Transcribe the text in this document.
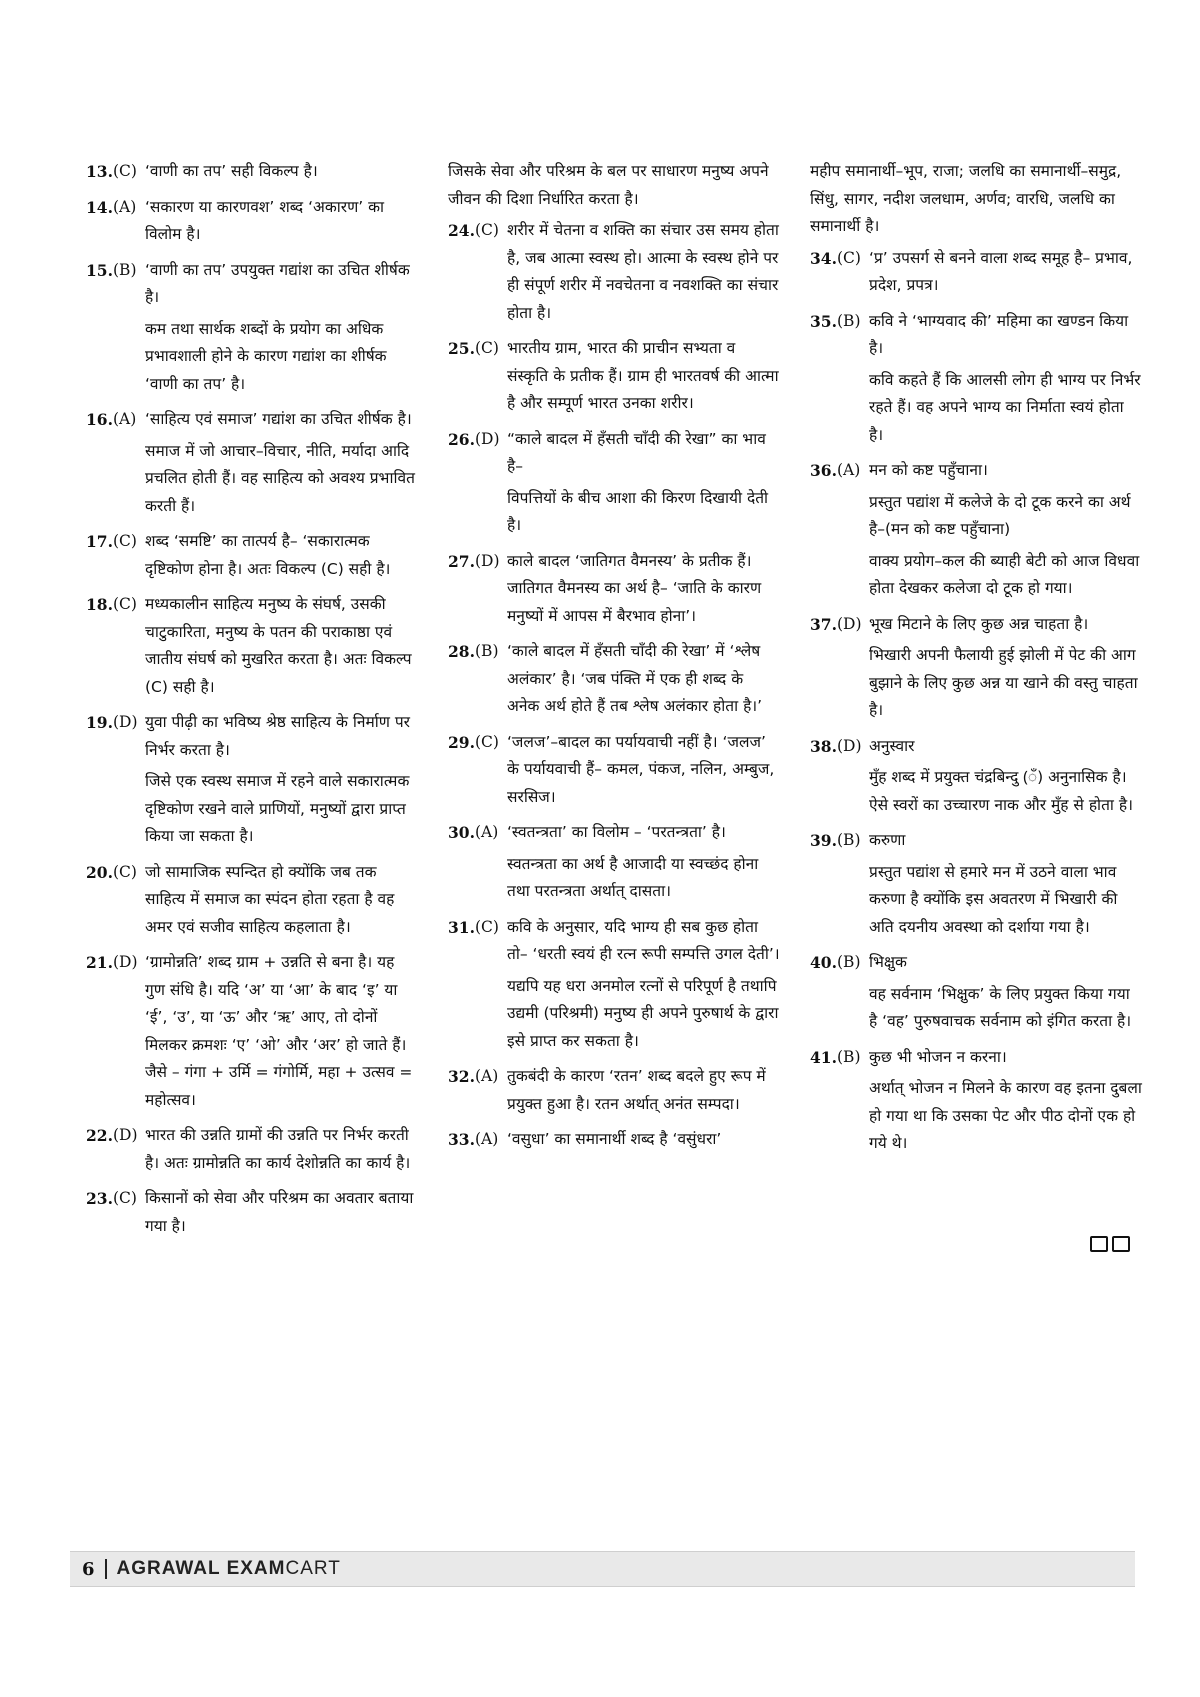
13. (C) ‘वाणी का तप’ सही विकल्प है।
14. (A) ‘सकारण या कारणवश’ शब्द ‘अकारण’ का विलोम है।
15. (B) ‘वाणी का तप’ उपयुक्त गद्यांश का उचित शीर्षक है।
कम तथा सार्थक शब्दों के प्रयोग का अधिक प्रभावशाली होने के कारण गद्यांश का शीर्षक ‘वाणी का तप’ है।
16. (A) ‘साहित्य एवं समाज’ गद्यांश का उचित शीर्षक है।
समाज में जो आचार–विचार, नीति, मर्यादा आदि प्रचलित होती हैं। वह साहित्य को अवश्य प्रभावित करती हैं।
17. (C) शब्द ‘समष्टि’ का तात्पर्य है– ‘सकारात्मक दृष्टिकोण होना है। अतः विकल्प (C) सही है।
18. (C) मध्यकालीन साहित्य मनुष्य के संघर्ष, उसकी चाटुकारिता, मनुष्य के पतन की पराकाष्ठा एवं जातीय संघर्ष को मुखरित करता है। अतः विकल्प (C) सही है।
19. (D) युवा पीढ़ी का भविष्य श्रेष्ठ साहित्य के निर्माण पर निर्भर करता है।
जिसे एक स्वस्थ समाज में रहने वाले सकारात्मक दृष्टिकोण रखने वाले प्राणियों, मनुष्यों द्वारा प्राप्त किया जा सकता है।
20. (C) जो सामाजिक स्पन्दित हो क्योंकि जब तक साहित्य में समाज का स्पंदन होता रहता है वह अमर एवं सजीव साहित्य कहलाता है।
21. (D) ‘ग्रामोन्नति’ शब्द ग्राम + उन्नति से बना है। यह गुण संधि है। यदि ‘अ’ या ‘आ’ के बाद ‘इ’ या ‘ई’, ‘उ’, या ‘ऊ’ और ‘ऋ’ आए, तो दोनों मिलकर क्रमशः ‘ए’ ‘ओ’ और ‘अर’ हो जाते हैं। जैसे – गंगा + उर्मि = गंगोर्मि, महा + उत्सव = महोत्सव।
22. (D) भारत की उन्नति ग्रामों की उन्नति पर निर्भर करती है। अतः ग्रामोन्नति का कार्य देशोन्नति का कार्य है।
23. (C) किसानों को सेवा और परिश्रम का अवतार बताया गया है।
जिसके सेवा और परिश्रम के बल पर साधारण मनुष्य अपने जीवन की दिशा निर्धारित करता है।
24. (C) शरीर में चेतना व शक्ति का संचार उस समय होता है, जब आत्मा स्वस्थ हो। आत्मा के स्वस्थ होने पर ही संपूर्ण शरीर में नवचेतना व नवशक्ति का संचार होता है।
25. (C) भारतीय ग्राम, भारत की प्राचीन सभ्यता व संस्कृति के प्रतीक हैं। ग्राम ही भारतवर्ष की आत्मा है और सम्पूर्ण भारत उनका शरीर।
26. (D) “काले बादल में हँसती चाँदी की रेखा” का भाव है–
विपत्तियों के बीच आशा की किरण दिखायी देती है।
27. (D) काले बादल ‘जातिगत वैमनस्य’ के प्रतीक हैं। जातिगत वैमनस्य का अर्थ है– ‘जाति के कारण मनुष्यों में आपस में बैरभाव होना’।
28. (B) ‘काले बादल में हँसती चाँदी की रेखा’ में ‘श्लेष अलंकार’ है। ‘जब पंक्ति में एक ही शब्द के अनेक अर्थ होते हैं तब श्लेष अलंकार होता है।’
29. (C) ‘जलज’–बादल का पर्यायवाची नहीं है। ‘जलज’ के पर्यायवाची हैं– कमल, पंकज, नलिन, अम्बुज, सरसिज।
30. (A) ‘स्वतन्त्रता’ का विलोम – ‘परतन्त्रता’ है।
स्वतन्त्रता का अर्थ है आजादी या स्वच्छंद होना तथा परतन्त्रता अर्थात् दासता।
31. (C) कवि के अनुसार, यदि भाग्य ही सब कुछ होता तो– ‘धरती स्वयं ही रत्न रूपी सम्पत्ति उगल देती’।
यद्यपि यह धरा अनमोल रत्नों से परिपूर्ण है तथापि उद्यमी (परिश्रमी) मनुष्य ही अपने पुरुषार्थ के द्वारा इसे प्राप्त कर सकता है।
32. (A) तुकबंदी के कारण ‘रतन’ शब्द बदले हुए रूप में प्रयुक्त हुआ है। रतन अर्थात् अनंत सम्पदा।
33. (A) ‘वसुधा’ का समानार्थी शब्द है ‘वसुंधरा’
महीप समानार्थी–भूप, राजा; जलधि का समानार्थी–समुद्र, सिंधु, सागर, नदीश जलधाम, अर्णव; वारधि, जलधि का समानार्थी है।
34. (C) ‘प्र’ उपसर्ग से बनने वाला शब्द समूह है– प्रभाव, प्रदेश, प्रपत्र।
35. (B) कवि ने ‘भाग्यवाद की’ महिमा का खण्डन किया है।
कवि कहते हैं कि आलसी लोग ही भाग्य पर निर्भर रहते हैं। वह अपने भाग्य का निर्माता स्वयं होता है।
36. (A) मन को कष्ट पहुँचाना।
प्रस्तुत पद्यांश में कलेजे के दो टूक करने का अर्थ है–(मन को कष्ट पहुँचाना)
वाक्य प्रयोग–कल की ब्याही बेटी को आज विधवा होता देखकर कलेजा दो टूक हो गया।
37. (D) भूख मिटाने के लिए कुछ अन्न चाहता है।
भिखारी अपनी फैलायी हुई झोली में पेट की आग बुझाने के लिए कुछ अन्न या खाने की वस्तु चाहता है।
38. (D) अनुस्वार
मुँह शब्द में प्रयुक्त चंद्रबिन्दु (ँ) अनुनासिक है। ऐसे स्वरों का उच्चारण नाक और मुँह से होता है।
39. (B) करुणा
प्रस्तुत पद्यांश से हमारे मन में उठने वाला भाव करुणा है क्योंकि इस अवतरण में भिखारी की अति दयनीय अवस्था को दर्शाया गया है।
40. (B) भिक्षुक
वह सर्वनाम ‘भिक्षुक’ के लिए प्रयुक्त किया गया है ‘वह’ पुरुषवाचक सर्वनाम को इंगित करता है।
41. (B) कुछ भी भोजन न करना।
अर्थात् भोजन न मिलने के कारण वह इतना दुबला हो गया था कि उसका पेट और पीठ दोनों एक हो गये थे।
6 AGRAWAL EXAMCART
